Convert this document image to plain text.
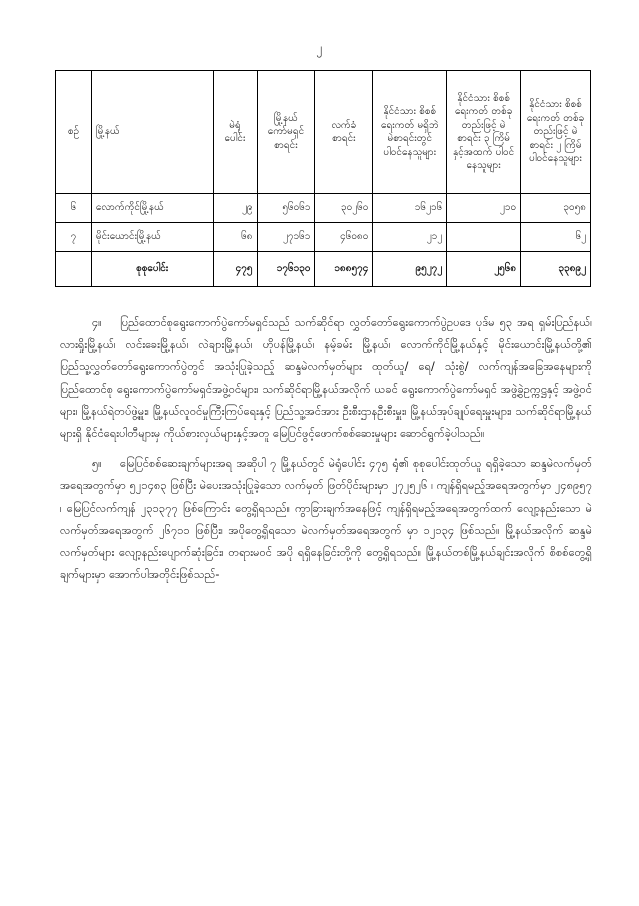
၂
စဉ်	မြို့နယ်	မဲရုံ ပေါင်း	မြို့နယ် ကော်မရှင် စာရင်း	လက်ခံ စာရင်း	နိုင်ငံသား စိစစ်ရေးကတ် မရှိဘဲ မဲစာရင်းတွင် ပါဝင်နေသူများ	နိုင်ငံသား စိစစ်ရေးကတ် တစ်ခုတည်းဖြင့် မဲစာရင်း ၃ ကြိမ် နှင့်အထက် ပါဝင်နေသူများ	နိုင်ငံသား စိစစ်ရေးကတ် တစ်ခုတည်းဖြင့် မဲစာရင်း ၂ ကြိမ် ပါဝင်နေသူများ
၆	လောက်ကိုင်မြို့နယ်	၂၉	၅၆၀၆၁	၃၀၂၆၀	၁၆၂၁၆	၂၁၀	၃၀၅၈
၇	မိုင်းယောင်းမြို့နယ်	၆၈	၂၇၁၆၁	၄၆၀၈၀	၂၁၂		၆၂
	စုစုပေါင်း	၄၇၅	၁၇၆၁၃၀	၁၈၈၅၇၄	၉၅၂၇၂	၂၅၆၈	၃၃၈၉၂

၄။ ပြည်ထောင်စုရွေးကောက်ပွဲကော်မရှင်သည် သက်ဆိုင်ရာ လွှတ်တော်ရွေးကောက်ပွဲဥပဒေ ပုဒ်မ ၅၃ အရ ရှမ်းပြည်နယ်၊ လားရှိုးမြို့နယ်၊ လင်းခေးမြို့နယ်၊ လဲချားမြို့နယ်၊ ဟိုပန်မြို့နယ်၊ နမ့်ခမ်း မြို့နယ်၊ လောက်ကိုင်မြို့နယ်နှင့် မိုင်းယောင်းမြို့နယ်တို့၏ ပြည်သူ့လွှတ်တော်ရွေးကောက်ပွဲတွင် အသုံးပြုခဲ့သည့် ဆန္ဒမဲလက်မှတ်များ ထုတ်ယူ/ ရေ/ သုံးစွဲ/ လက်ကျန်အခြေအနေများကို ပြည်ထောင်စု ရွေးကောက်ပွဲကော်မရှင်အဖွဲ့ဝင်များ၊ သက်ဆိုင်ရာမြို့နယ်အလိုက် ယခင် ရွေးကောက်ပွဲကော်မရှင် အဖွဲ့ခွဲဥက္ကဋ္ဌနှင့် အဖွဲ့ဝင်များ၊ မြို့နယ်ရဲတပ်ဖွဲ့မှူး၊ မြို့နယ်လူဝင်မှုကြီးကြပ်ရေးနှင့် ပြည်သူ့အင်အား ဦးစီးဌာနဦးစီးမှူး၊ မြို့နယ်အုပ်ချုပ်ရေးမှူးများ၊ သက်ဆိုင်ရာမြို့နယ်များရှိ နိုင်ငံရေးပါတီများမှ ကိုယ်စားလှယ်များနှင့်အတူ မြေပြင်ဖွင့်ဖောက်စစ်ဆေးမှုများ ဆောင်ရွက်ခဲ့ပါသည်။

၅။ မြေပြင်စစ်ဆေးချက်များအရ အဆိုပါ ၇ မြို့နယ်တွင် မဲရုံပေါင်း ၄၇၅ ရုံ၏ စုစုပေါင်းထုတ်ယူ ရရှိခဲ့သော ဆန္ဒမဲလက်မှတ်အရေအတွက်မှာ ၅၂၁၄၈၃ ဖြစ်ပြီး မဲပေးအသုံးပြုခဲ့သော လက်မှတ် ဖြတ်ပိုင်းများမှာ ၂၇၂၅၂၆ ၊ ကျန်ရှိရမည့်အရေအတွက်မှာ ၂၄၈၉၅၇ ၊ မြေပြင်လက်ကျန် ၂၃၁၃၇၇ ဖြစ်ကြောင်း တွေ့ရှိရသည်။ ကွာခြားချက်အနေဖြင့် ကျန်ရှိရမည့်အရေအတွက်ထက် လျော့နည်းသော မဲလက်မှတ်အရေအတွက် ၂၆၇၁၁ ဖြစ်ပြီး၊ အပိုတွေ့ရှိရသော မဲလက်မှတ်အရေအတွက် မှာ ၁၂၁၃၄ ဖြစ်သည်။ မြို့နယ်အလိုက် ဆန္ဒမဲလက်မှတ်များ လျော့နည်းပျောက်ဆုံးခြင်း၊ တရားမဝင် အပို ရရှိနေခြင်းတို့ကို တွေ့ရှိရသည်။ မြို့နယ်တစ်မြို့နယ်ချင်းအလိုက် စိစစ်တွေ့ရှိချက်များမှာ အောက်ပါအတိုင်းဖြစ်သည်-
